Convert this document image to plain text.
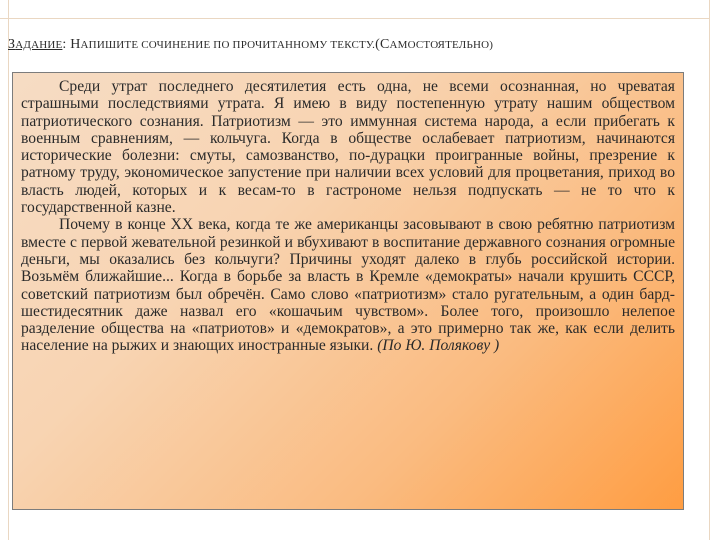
ЗАДАНИЕ: НАПИШИТЕ СОЧИНЕНИЕ ПО ПРОЧИТАННОМУ ТЕКСТУ.(САМОСТОЯТЕЛЬНО)

Среди утрат последнего десятилетия есть одна, не всеми осознанная, но чреватая страшными последствиями утрата. Я имею в виду постепенную утрату нашим обществом патриотического сознания. Патриотизм — это иммунная система народа, а если прибегать к военным сравнениям, — кольчуга. Когда в обществе ослабевает патриотизм, начинаются исторические болезни: смуты, самозванство, по-дурацки проигранные войны, презрение к ратному труду, экономическое запустение при наличии всех условий для процветания, приход во власть людей, которых и к весам-то в гастрономе нельзя подпускать — не то что к государственной казне.

Почему в конце XX века, когда те же американцы засовывают в свою ребятню патриотизм вместе с первой жевательной резинкой и вбухивают в воспитание державного сознания огромные деньги, мы оказались без кольчуги? Причины уходят далеко в глубь российской истории. Возьмём ближайшие... Когда в борьбе за власть в Кремле «демократы» начали крушить СССР, советский патриотизм был обречён. Само слово «патриотизм» стало ругательным, а один бард-шестидесятник даже назвал его «кошачьим чувством». Более того, произошло нелепое разделение общества на «патриотов» и «демократов», а это примерно так же, как если делить население на рыжих и знающих иностранные языки. (По Ю. Полякову )
